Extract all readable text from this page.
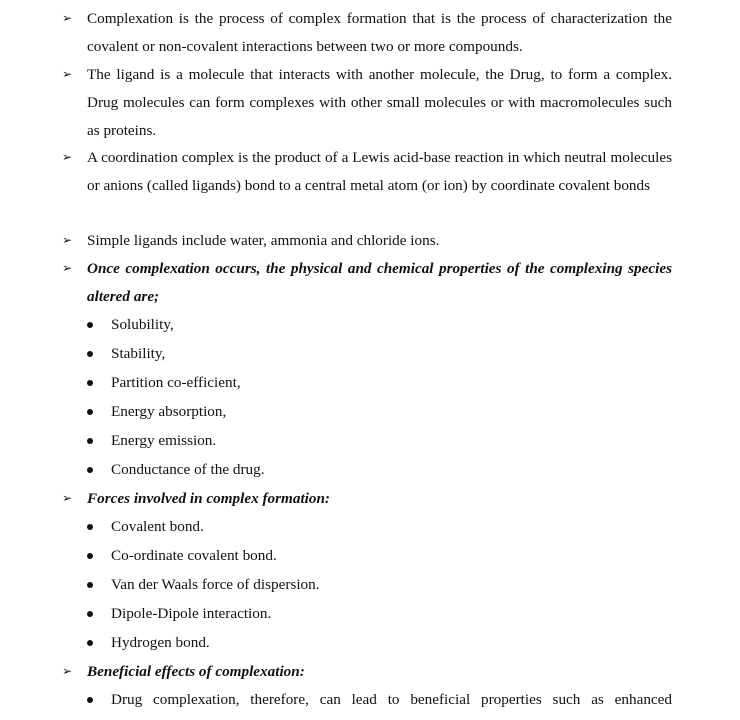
➢ Complexation is the process of complex formation that is the process of characterization the covalent or non-covalent interactions between two or more compounds.
➢ The ligand is a molecule that interacts with another molecule, the Drug, to form a complex. Drug molecules can form complexes with other small molecules or with macromolecules such as proteins.
➢ A coordination complex is the product of a Lewis acid-base reaction in which neutral molecules or anions (called ligands) bond to a central metal atom (or ion) by coordinate covalent bonds
➢ Simple ligands include water, ammonia and chloride ions.
➢ Once complexation occurs, the physical and chemical properties of the complexing species altered are;
Solubility,
Stability,
Partition co-efficient,
Energy absorption,
Energy emission.
Conductance of the drug.
➢ Forces involved in complex formation:
Covalent bond.
Co-ordinate covalent bond.
Van der Waals force of dispersion.
Dipole-Dipole interaction.
Hydrogen bond.
➢ Beneficial effects of complexation:
Drug complexation, therefore, can lead to beneficial properties such as enhanced
